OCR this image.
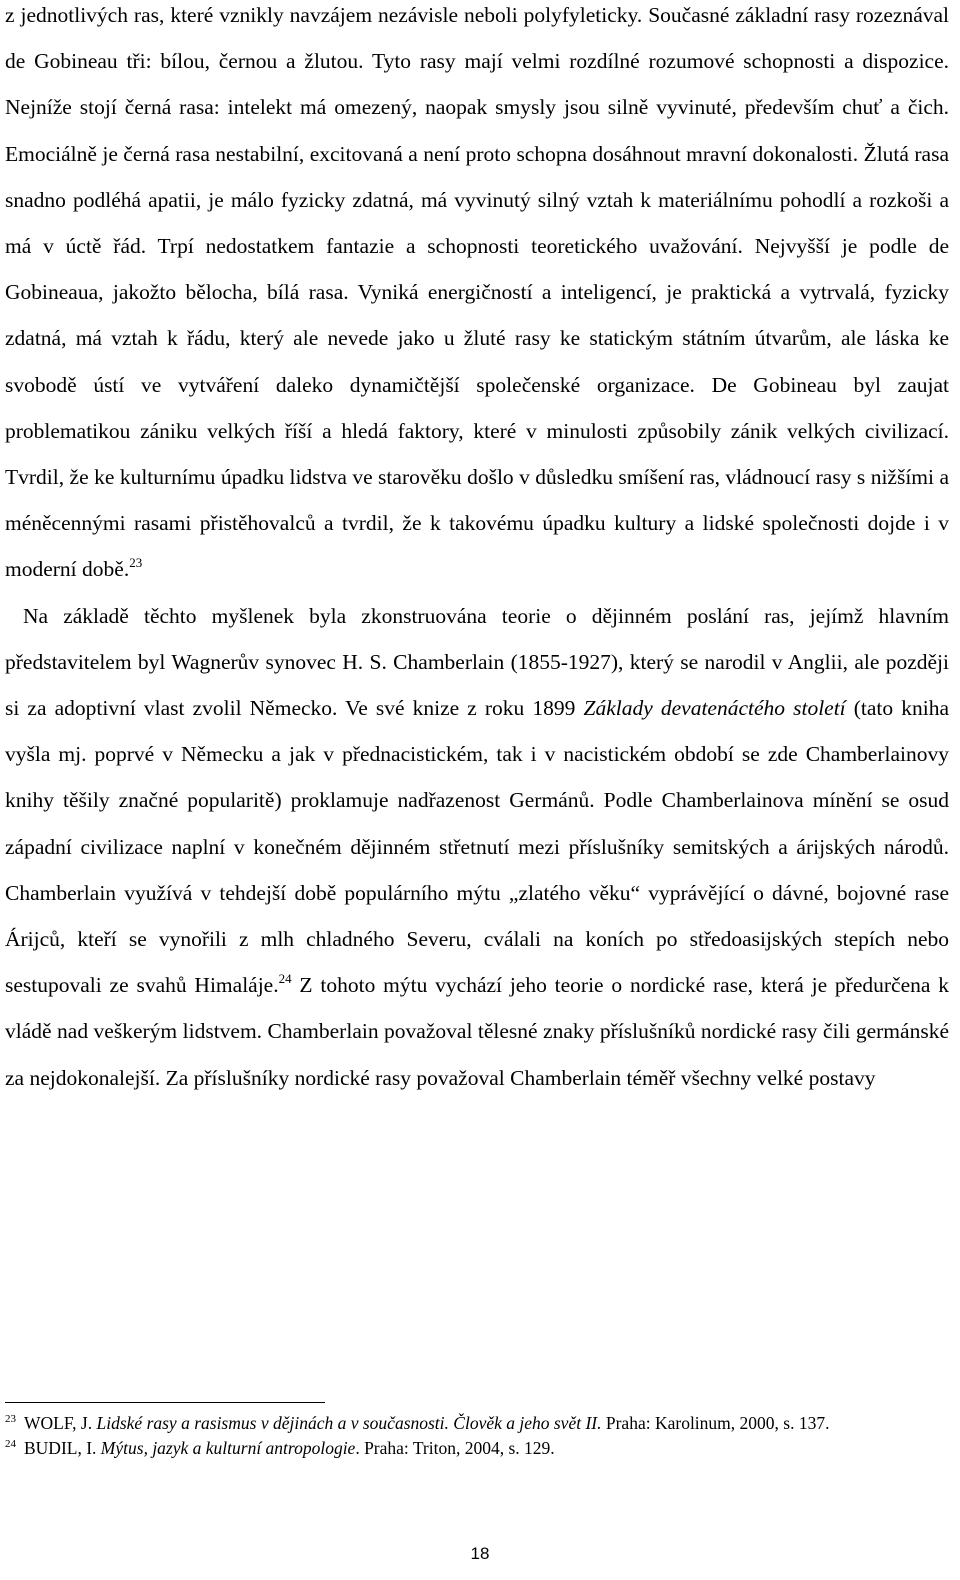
z jednotlivých ras, které vznikly navzájem nezávisle neboli polyfyleticky. Současné základní rasy rozeznával de Gobineau tři: bílou, černou a žlutou. Tyto rasy mají velmi rozdílné rozumové schopnosti a dispozice. Nejníže stojí černá rasa: intelekt má omezený, naopak smysly jsou silně vyvinuté, především chuť a čich. Emociálně je černá rasa nestabilní, excitovaná a není proto schopna dosáhnout mravní dokonalosti. Žlutá rasa snadno podléhá apatii, je málo fyzicky zdatná, má vyvinutý silný vztah k materiálnímu pohodlí a rozkoši a má v úctě řád. Trpí nedostatkem fantazie a schopnosti teoretického uvažování. Nejvyšší je podle de Gobineaua, jakožto bělocha, bílá rasa. Vyniká energičností a inteligencí, je praktická a vytrvalá, fyzicky zdatná, má vztah k řádu, který ale nevede jako u žluté rasy ke statickým státním útvarům, ale láska ke svobodě ústí ve vytváření daleko dynamičtější společenské organizace. De Gobineau byl zaujat problematikou zániku velkých říší a hledá faktory, které v minulosti způsobily zánik velkých civilizací. Tvrdil, že ke kulturnímu úpadku lidstva ve starověku došlo v důsledku smíšení ras, vládnoucí rasy s nižšími a méněcennými rasami přistěhovalců a tvrdil, že k takovému úpadku kultury a lidské společnosti dojde i v moderní době.$^{23}$

Na základě těchto myšlenek byla zkonstruována teorie o dějinném poslání ras, jejímž hlavním představitelem byl Wagnerův synovec H. S. Chamberlain (1855-1927), který se narodil v Anglii, ale později si za adoptivní vlast zvolil Německo. Ve své knize z roku 1899 Základy devatenáctého století (tato kniha vyšla mj. poprvé v Německu a jak v přednacistickém, tak i v nacistickém období se zde Chamberlainovy knihy těšily značné popularitě) proklamuje nadřazenost Germánů. Podle Chamberlainova mínění se osud západní civilizace naplní v konečném dějinném střetnutí mezi příslušníky semitských a árijských národů. Chamberlain využívá v tehdejší době populárního mýtu „zlatého věku“ vyprávějící o dávné, bojovné rase Árijců, kteří se vynořili z mlh chladného Severu, cválali na koních po středoasijských stepích nebo sestupovali ze svahů Himaláje.$^{24}$ Z tohoto mýtu vychází jeho teorie o nordické rase, která je předurčena k vládě nad veškerým lidstvem. Chamberlain považoval tělesné znaky příslušníků nordické rasy čili germánské za nejdokonalejší. Za příslušníky nordické rasy považoval Chamberlain téměř všechny velké postavy

$^{23}$ WOLF, J. Lidské rasy a rasismus v dějinách a v současnosti. Člověk a jeho svět II. Praha: Karolinum, 2000, s. 137.

$^{24}$ BUDIL, I. Mýtus, jazyk a kulturní antropologie. Praha: Triton, 2004, s. 129.

18
